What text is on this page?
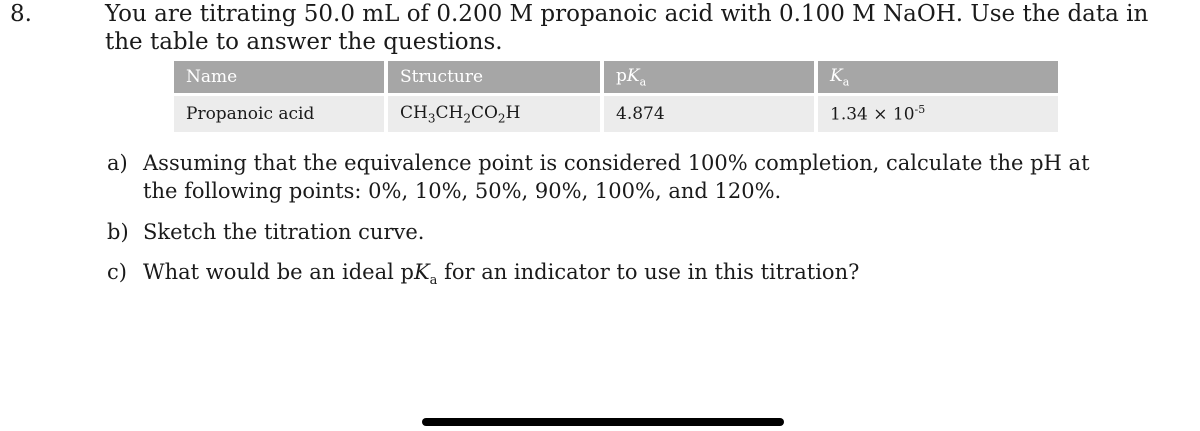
8.	You are titrating 50.0 mL of 0.200 M propanoic acid with 0.100 M NaOH. Use the data in the table to answer the questions.
Name	Structure	$pK_a$	$K_a$
Propanoic acid	$CH_3CH_2CO_2H$	4.874	$1.34 \times 10^{-5}$
a) Assuming that the equivalence point is considered 100% completion, calculate the pH at the following points: 0%, 10%, 50%, 90%, 100%, and 120%.
b) Sketch the titration curve.
c) What would be an ideal $pK_a$ for an indicator to use in this titration?
